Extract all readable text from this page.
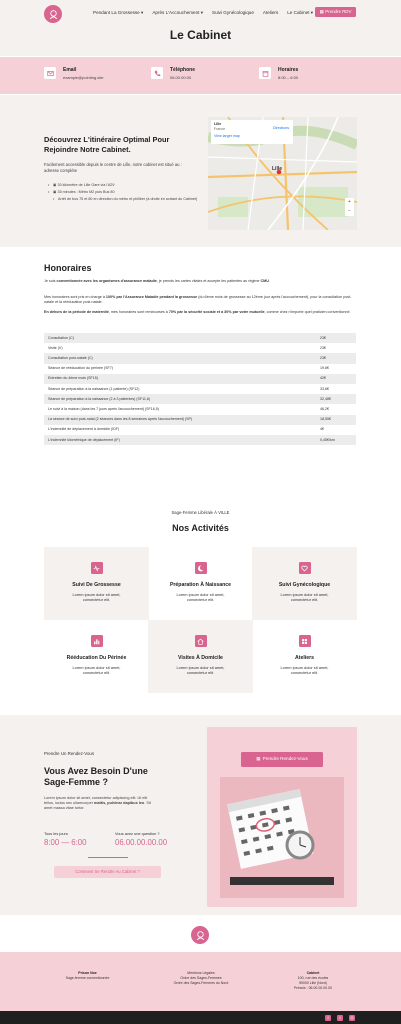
Pendant La Grossesse ▾ Après L'Accouchement ▾ Suivi Gynécologique Ateliers Le Cabinet ▾ ▦ Prendre RDV
Le Cabinet
Email
example@pointing.site
Téléphone
06.00.00.00
Horaires
8:00 – 6:00
Découvrez L'itinéraire Optimal Pour Rejoindre Notre Cabinet.
Facilement accessible depuis le centre de Lille, notre cabinet est situé au : adresse complète
• ▣ 30 kilomètre de Lille Gare via l'A29
• ▣ 35 minutes : Métro M2 puis Bus 80
• Arrêt de bus 75 et 80 en direction du métro et phillber (à droite en sortant du Cabinet)
Lille
France
View larger map
Directions
Lille
+
−
Honoraires
Je suis conventionnée avec les organismes d'assurance maladie, je prends les cartes vitales et accepte les patientes au régime CMU.
Mes honoraires sont pris en charge à 100% par l'Assurance Maladie pendant la grossesse (du 6ème mois de grossesse au 12ème jour après l'accouchement), pour la consultation post-natale et la rééducation post-natale.
En dehors de la période de maternité, mes honoraires sont remboursés à 70% par la sécurité sociale et à 30% par votre mutuelle, comme chez n'importe quel praticien conventionné.
Consultation (C)	23€
Visite (V)	23€
Consultation post-natale (C)	23€
Séance de rééducation du périnée (SF7)	19,6€
Entretien du 4ème mois (SF15)	42€
Séance de préparation à la naissance (1 patiente) (SF12)	33,6€
Séance de préparation à la naissance (2 à 3 patientes) (SF11,6)	32,48€
Le suivi à la maison (dans les 7 jours après l'accouchement) (SF16,5)	46,2€
La séance de suivi post-natal (2 séances dans les 8 semaines après l'accouchement) (SP)	18,55€
L'indemnité de déplacement à domicile (IDF)	4€
L'indemnité kilométrique de déplacement (IF)	0,45€/km
Sage-Femme Libérale À VILLE
Nos Activités
Suivi De Grossesse
Lorem ipsum dolor sit amet, consectetur elit.
Préparation À Naissance
Lorem ipsum dolor sit amet, consectetur elit.
Suivi Gynécologique
Lorem ipsum dolor sit amet, consectetur elit.
Rééducation Du Périnée
Lorem ipsum dolor sit amet, consectetur elit.
Visites À Domicile
Lorem ipsum dolor sit amet, consectetur elit.
Ateliers
Lorem ipsum dolor sit amet, consectetur elit.
Prendre Un Rendez-Vous
Vous Avez Besoin D'une Sage-Femme ?
Lorem ipsum dolor sit amet, consectetur adipiscing elit. Ut elit tellus, luctus nec ullamcorper mattis, pulvinar dapibus leo. Sit amet massa vitae tortor.
Tous les jours
8:00 — 6:00
Vous avez une question ?
06.00.00.00.00
Comment Se Rendre Au Cabinet ?
▦ Prendre Rendez-Vous
Prison Noe
Sage-femme conventionnée
Mentions Légales
Ordre des Sages-Femmes
Ordre des Sages-Femmes du Nord
Cabinet
100, rue des écoles
59000 Lille (Nord)
Préavis : 06.00.00.00.00
f	t	◎
